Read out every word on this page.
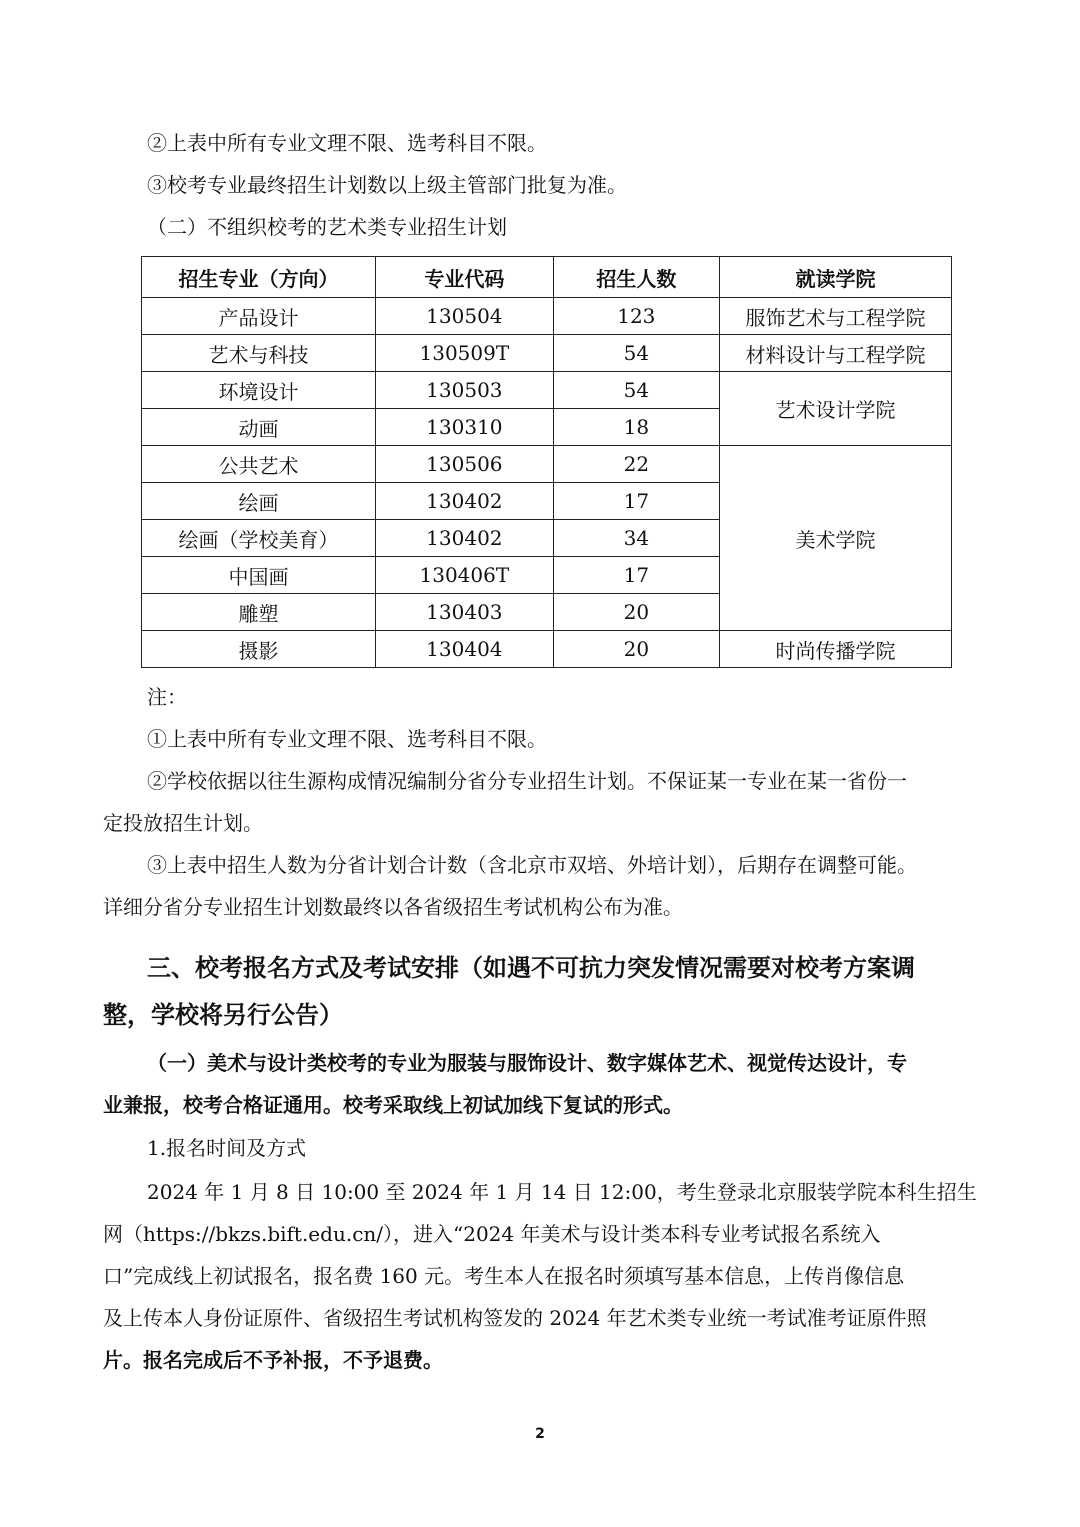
②上表中所有专业文理不限、选考科目不限。
③校考专业最终招生计划数以上级主管部门批复为准。
（二）不组织校考的艺术类专业招生计划
招生专业（方向）	专业代码	招生人数	就读学院
产品设计	130504	123	服饰艺术与工程学院
艺术与科技	130509T	54	材料设计与工程学院
环境设计	130503	54	艺术设计学院
动画	130310	18	
公共艺术	130506	22	美术学院
绘画	130402	17	
绘画（学校美育）	130402	34	
中国画	130406T	17	
雕塑	130403	20	
摄影	130404	20	时尚传播学院
注：
①上表中所有专业文理不限、选考科目不限。
②学校依据以往生源构成情况编制分省分专业招生计划。不保证某一专业在某一省份一
定投放招生计划。
③上表中招生人数为分省计划合计数（含北京市双培、外培计划），后期存在调整可能。
详细分省分专业招生计划数最终以各省级招生考试机构公布为准。
三、校考报名方式及考试安排（如遇不可抗力突发情况需要对校考方案调
整，学校将另行公告）
（一）美术与设计类校考的专业为服装与服饰设计、数字媒体艺术、视觉传达设计，专
业兼报，校考合格证通用。校考采取线上初试加线下复试的形式。
1.报名时间及方式
2024 年 1 月 8 日 10:00 至 2024 年 1 月 14 日 12:00，考生登录北京服装学院本科生招生
网（https://bkzs.bift.edu.cn/），进入“2024 年美术与设计类本科专业考试报名系统入
口”完成线上初试报名，报名费 160 元。考生本人在报名时须填写基本信息，上传肖像信息
及上传本人身份证原件、省级招生考试机构签发的 2024 年艺术类专业统一考试准考证原件照
片。报名完成后不予补报，不予退费。
2
